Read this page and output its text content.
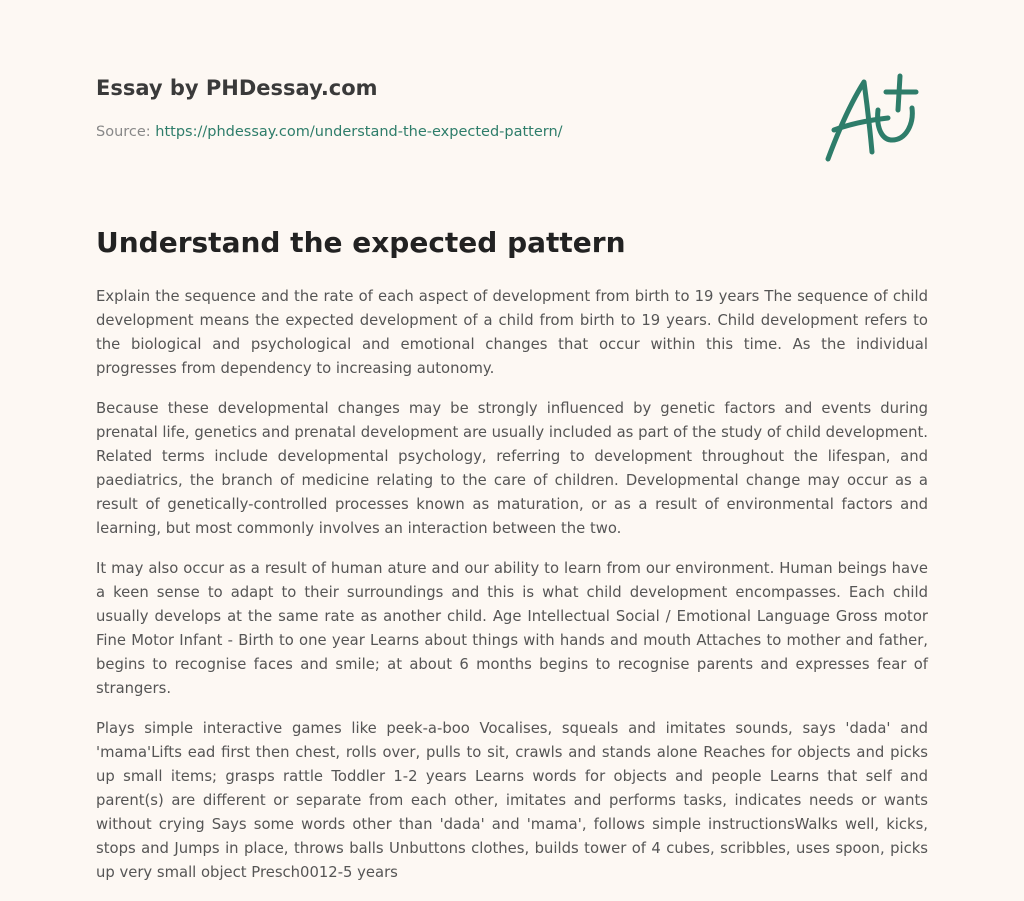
Essay by PHDessay.com
Source: https://phdessay.com/understand-the-expected-pattern/
Understand the expected pattern

Explain the sequence and the rate of each aspect of development from birth to 19 years The sequence of child development means the expected development of a child from birth to 19 years. Child development refers to the biological and psychological and emotional changes that occur within this time. As the individual progresses from dependency to increasing autonomy.

Because these developmental changes may be strongly influenced by genetic factors and events during prenatal life, genetics and prenatal development are usually included as part of the study of child development. Related terms include developmental psychology, referring to development throughout the lifespan, and paediatrics, the branch of medicine relating to the care of children. Developmental change may occur as a result of genetically-controlled processes known as maturation, or as a result of environmental factors and learning, but most commonly involves an interaction between the two.

It may also occur as a result of human ature and our ability to learn from our environment. Human beings have a keen sense to adapt to their surroundings and this is what child development encompasses. Each child usually develops at the same rate as another child. Age Intellectual Social / Emotional Language Gross motor Fine Motor Infant - Birth to one year Learns about things with hands and mouth Attaches to mother and father, begins to recognise faces and smile; at about 6 months begins to recognise parents and expresses fear of strangers.

Plays simple interactive games like peek-a-boo Vocalises, squeals and imitates sounds, says 'dada' and 'mama'Lifts ead first then chest, rolls over, pulls to sit, crawls and stands alone Reaches for objects and picks up small items; grasps rattle Toddler 1-2 years Learns words for objects and people Learns that self and parent(s) are different or separate from each other, imitates and performs tasks, indicates needs or wants without crying Says some words other than 'dada' and 'mama', follows simple instructionsWalks well, kicks, stops and Jumps in place, throws balls Unbuttons clothes, builds tower of 4 cubes, scribbles, uses spoon, picks up very small object Presch0012-5 years
